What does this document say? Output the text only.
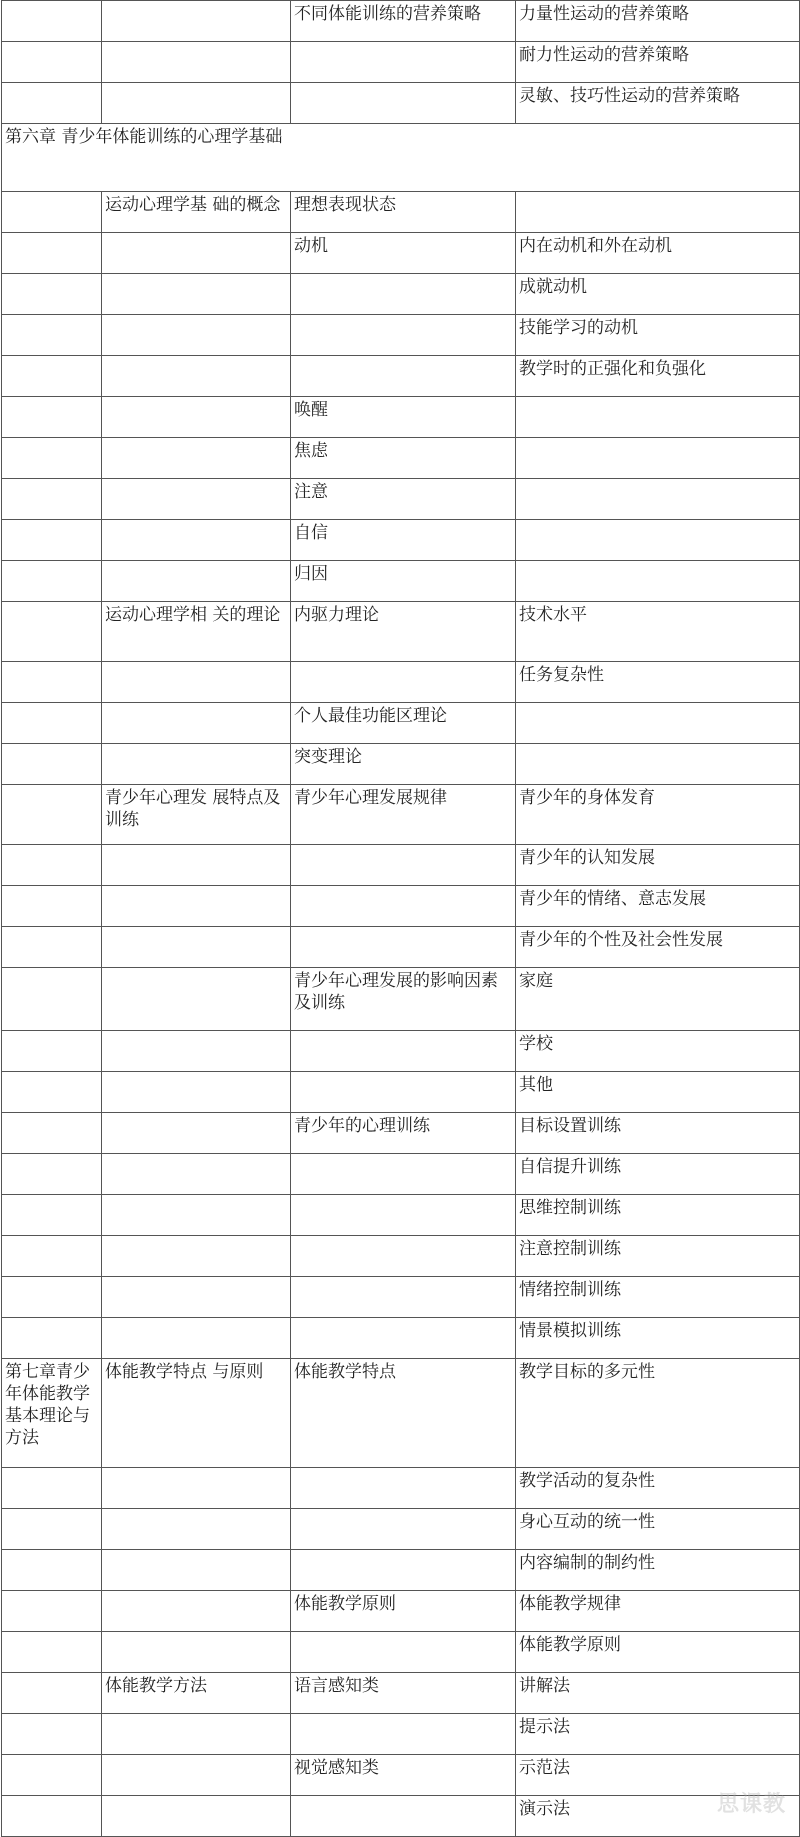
		不同体能训练的营养策略	力量性运动的营养策略
			耐力性运动的营养策略
			灵敏、技巧性运动的营养策略
第六章 青少年体能训练的心理学基础			
	运动心理学基 础的概念	理想表现状态	
		动机	内在动机和外在动机
			成就动机
			技能学习的动机
			教学时的正强化和负强化
		唤醒	
		焦虑	
		注意	
		自信	
		归因	
	运动心理学相 关的理论	内驱力理论	技术水平
			任务复杂性
		个人最佳功能区理论	
		突变理论	
	青少年心理发 展特点及训练	青少年心理发展规律	青少年的身体发育
			青少年的认知发展
			青少年的情绪、意志发展
			青少年的个性及社会性发展
		青少年心理发展的影响因素及训练	家庭
			学校
			其他
		青少年的心理训练	目标设置训练
			自信提升训练
			思维控制训练
			注意控制训练
			情绪控制训练
			情景模拟训练
第七章青少年体能教学基本理论与方法	体能教学特点 与原则	体能教学特点	教学目标的多元性
			教学活动的复杂性
			身心互动的统一性
			内容编制的制约性
		体能教学原则	体能教学规律
			体能教学原则
	体能教学方法	语言感知类	讲解法
			提示法
		视觉感知类	示范法
			演示法	思课教
